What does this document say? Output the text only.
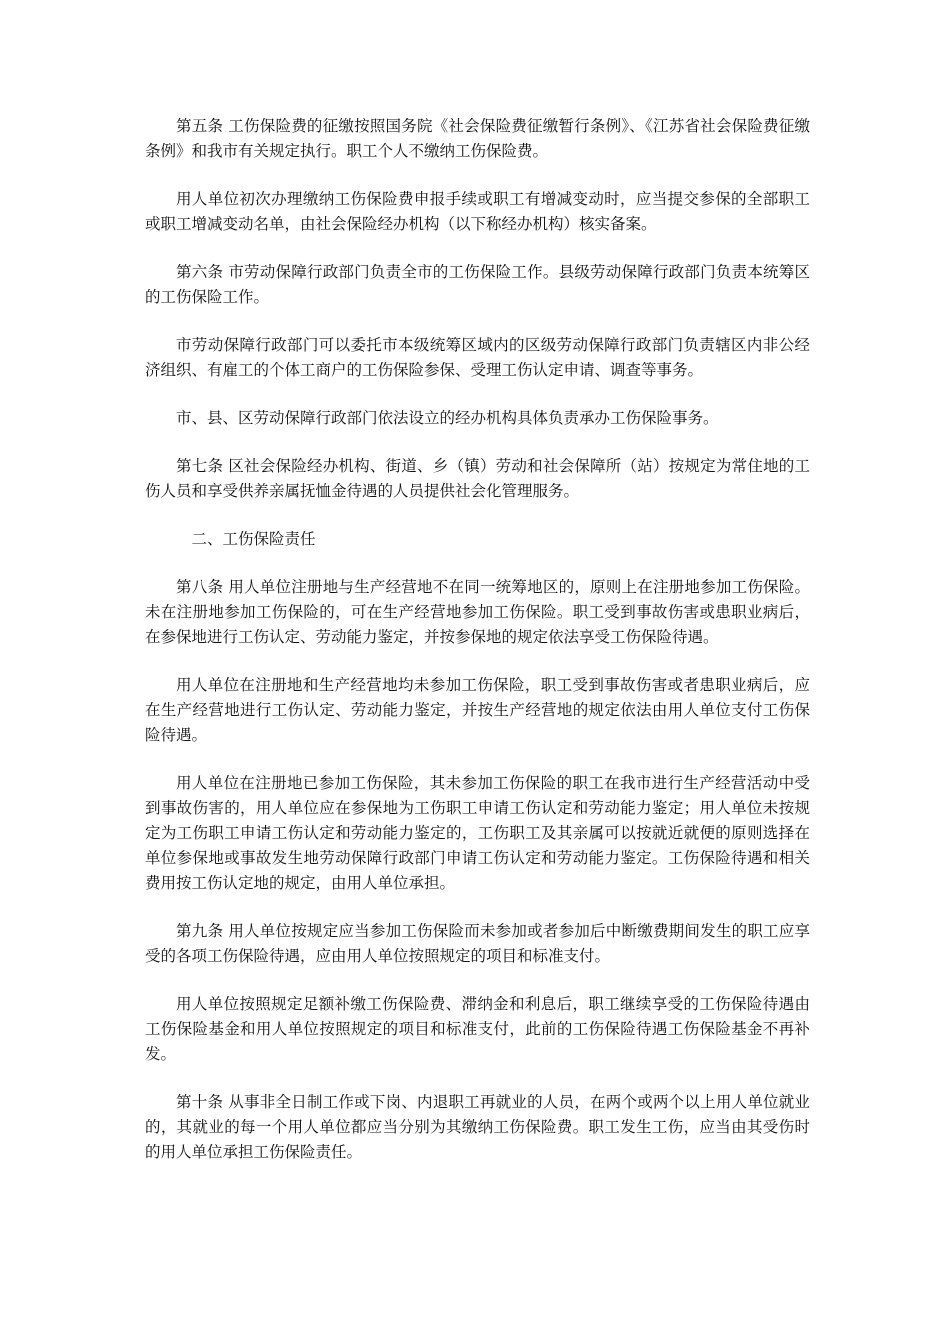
第五条 工伤保险费的征缴按照国务院《社会保险费征缴暂行条例》、《江苏省社会保险费征缴条例》和我市有关规定执行。职工个人不缴纳工伤保险费。

用人单位初次办理缴纳工伤保险费申报手续或职工有增减变动时，应当提交参保的全部职工或职工增减变动名单，由社会保险经办机构（以下称经办机构）核实备案。

第六条 市劳动保障行政部门负责全市的工伤保险工作。县级劳动保障行政部门负责本统筹区的工伤保险工作。

市劳动保障行政部门可以委托市本级统筹区域内的区级劳动保障行政部门负责辖区内非公经济组织、有雇工的个体工商户的工伤保险参保、受理工伤认定申请、调查等事务。

市、县、区劳动保障行政部门依法设立的经办机构具体负责承办工伤保险事务。

第七条 区社会保险经办机构、街道、乡（镇）劳动和社会保障所（站）按规定为常住地的工伤人员和享受供养亲属抚恤金待遇的人员提供社会化管理服务。

二、工伤保险责任

第八条 用人单位注册地与生产经营地不在同一统筹地区的，原则上在注册地参加工伤保险。未在注册地参加工伤保险的，可在生产经营地参加工伤保险。职工受到事故伤害或患职业病后，在参保地进行工伤认定、劳动能力鉴定，并按参保地的规定依法享受工伤保险待遇。

用人单位在注册地和生产经营地均未参加工伤保险，职工受到事故伤害或者患职业病后，应在生产经营地进行工伤认定、劳动能力鉴定，并按生产经营地的规定依法由用人单位支付工伤保险待遇。

用人单位在注册地已参加工伤保险，其未参加工伤保险的职工在我市进行生产经营活动中受到事故伤害的，用人单位应在参保地为工伤职工申请工伤认定和劳动能力鉴定；用人单位未按规定为工伤职工申请工伤认定和劳动能力鉴定的，工伤职工及其亲属可以按就近就便的原则选择在单位参保地或事故发生地劳动保障行政部门申请工伤认定和劳动能力鉴定。工伤保险待遇和相关费用按工伤认定地的规定，由用人单位承担。

第九条 用人单位按规定应当参加工伤保险而未参加或者参加后中断缴费期间发生的职工应享受的各项工伤保险待遇，应由用人单位按照规定的项目和标准支付。

用人单位按照规定足额补缴工伤保险费、滞纳金和利息后，职工继续享受的工伤保险待遇由工伤保险基金和用人单位按照规定的项目和标准支付，此前的工伤保险待遇工伤保险基金不再补发。

第十条 从事非全日制工作或下岗、内退职工再就业的人员，在两个或两个以上用人单位就业的，其就业的每一个用人单位都应当分别为其缴纳工伤保险费。职工发生工伤，应当由其受伤时的用人单位承担工伤保险责任。
